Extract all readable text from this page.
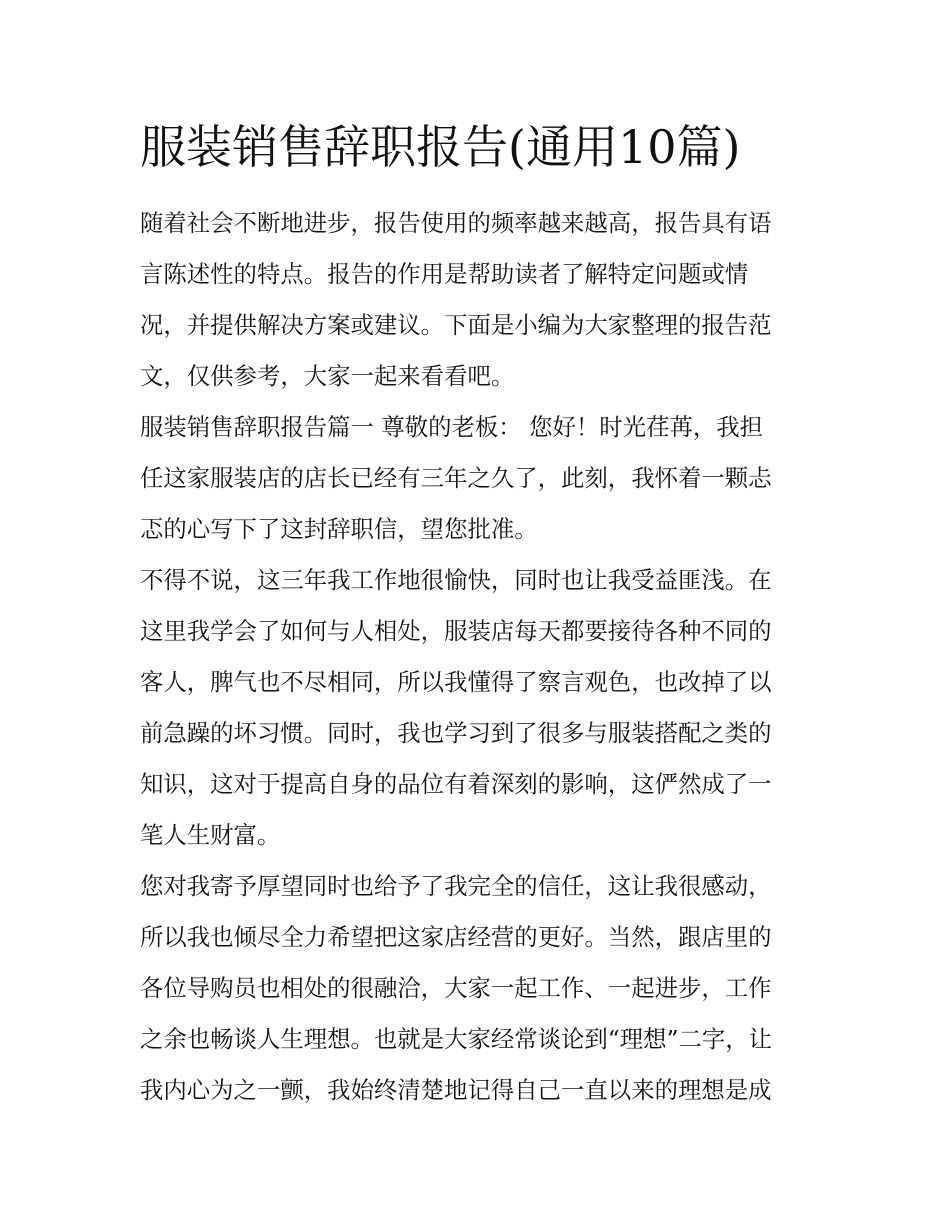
服装销售辞职报告(通用10篇)
随着社会不断地进步，报告使用的频率越来越高，报告具有语
言陈述性的特点。报告的作用是帮助读者了解特定问题或情
况，并提供解决方案或建议。下面是小编为大家整理的报告范
文，仅供参考，大家一起来看看吧。
服装销售辞职报告篇一 尊敬的老板： 您好！时光荏苒，我担
任这家服装店的店长已经有三年之久了，此刻，我怀着一颗忐
忑的心写下了这封辞职信，望您批准。
不得不说，这三年我工作地很愉快，同时也让我受益匪浅。在
这里我学会了如何与人相处，服装店每天都要接待各种不同的
客人，脾气也不尽相同，所以我懂得了察言观色，也改掉了以
前急躁的坏习惯。同时，我也学习到了很多与服装搭配之类的
知识，这对于提高自身的品位有着深刻的影响，这俨然成了一
笔人生财富。
您对我寄予厚望同时也给予了我完全的信任，这让我很感动，
所以我也倾尽全力希望把这家店经营的更好。当然，跟店里的
各位导购员也相处的很融洽，大家一起工作、一起进步，工作
之余也畅谈人生理想。也就是大家经常谈论到“理想”二字，让
我内心为之一颤，我始终清楚地记得自己一直以来的理想是成
